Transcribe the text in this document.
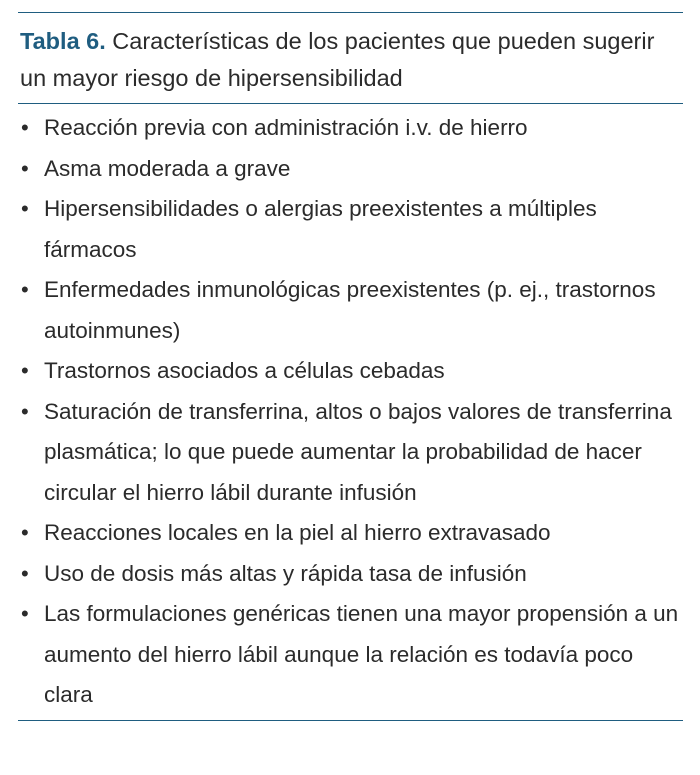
Tabla 6. Características de los pacientes que pueden sugerir un mayor riesgo de hipersensibilidad
• Reacción previa con administración i.v. de hierro
• Asma moderada a grave
• Hipersensibilidades o alergias preexistentes a múltiples fármacos
• Enfermedades inmunológicas preexistentes (p. ej., trastornos autoinmunes)
• Trastornos asociados a células cebadas
• Saturación de transferrina, altos o bajos valores de transferrina plasmática; lo que puede aumentar la probabilidad de hacer circular el hierro lábil durante infusión
• Reacciones locales en la piel al hierro extravasado
• Uso de dosis más altas y rápida tasa de infusión
• Las formulaciones genéricas tienen una mayor propensión a un aumento del hierro lábil aunque la relación es todavía poco clara
